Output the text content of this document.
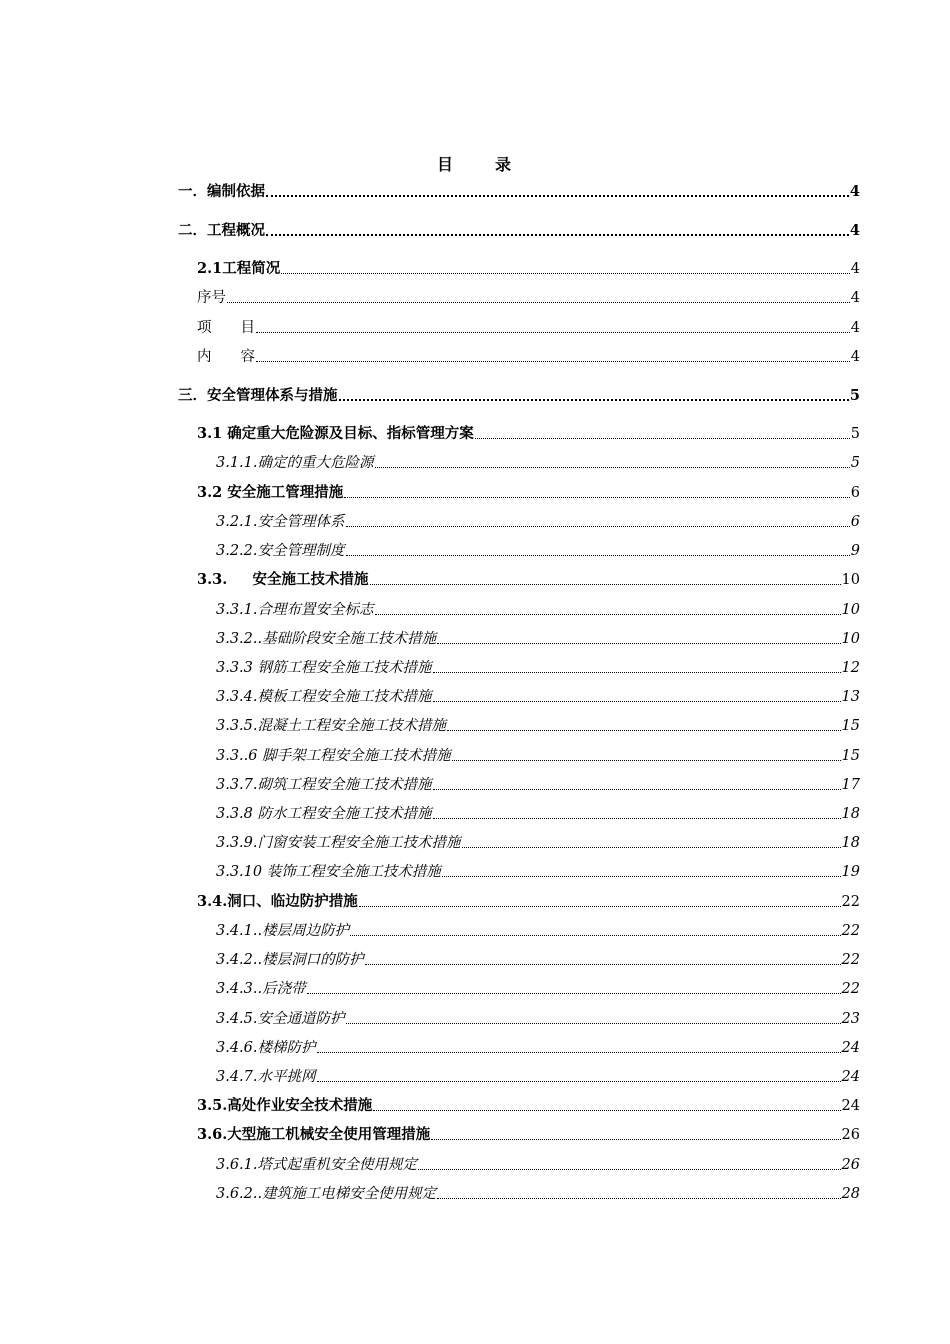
目	录
一．编制依据	4
二．工程概况	4
2.1工程简况	4
序号	4
项　　目	4
内　　容	4
三．安全管理体系与措施	5
3.1 确定重大危险源及目标、指标管理方案	5
3.1.1.确定的重大危险源	5
3.2 安全施工管理措施	6
3.2.1.安全管理体系	6
3.2.2.安全管理制度	9
3.3.     安全施工技术措施	10
3.3.1.合理布置安全标志	10
3.3.2..基础阶段安全施工技术措施	10
3.3.3 钢筋工程安全施工技术措施	12
3.3.4.模板工程安全施工技术措施	13
3.3.5.混凝土工程安全施工技术措施	15
3.3..6 脚手架工程安全施工技术措施	15
3.3.7.砌筑工程安全施工技术措施	17
3.3.8 防水工程安全施工技术措施	18
3.3.9.门窗安装工程安全施工技术措施	18
3.3.10 装饰工程安全施工技术措施	19
3.4.洞口、临边防护措施	22
3.4.1..楼层周边防护	22
3.4.2..楼层洞口的防护	22
3.4.3..后浇带	22
3.4.5.安全通道防护	23
3.4.6.楼梯防护	24
3.4.7.水平挑网	24
3.5.高处作业安全技术措施	24
3.6.大型施工机械安全使用管理措施	26
3.6.1.塔式起重机安全使用规定	26
3.6.2..建筑施工电梯安全使用规定	28
